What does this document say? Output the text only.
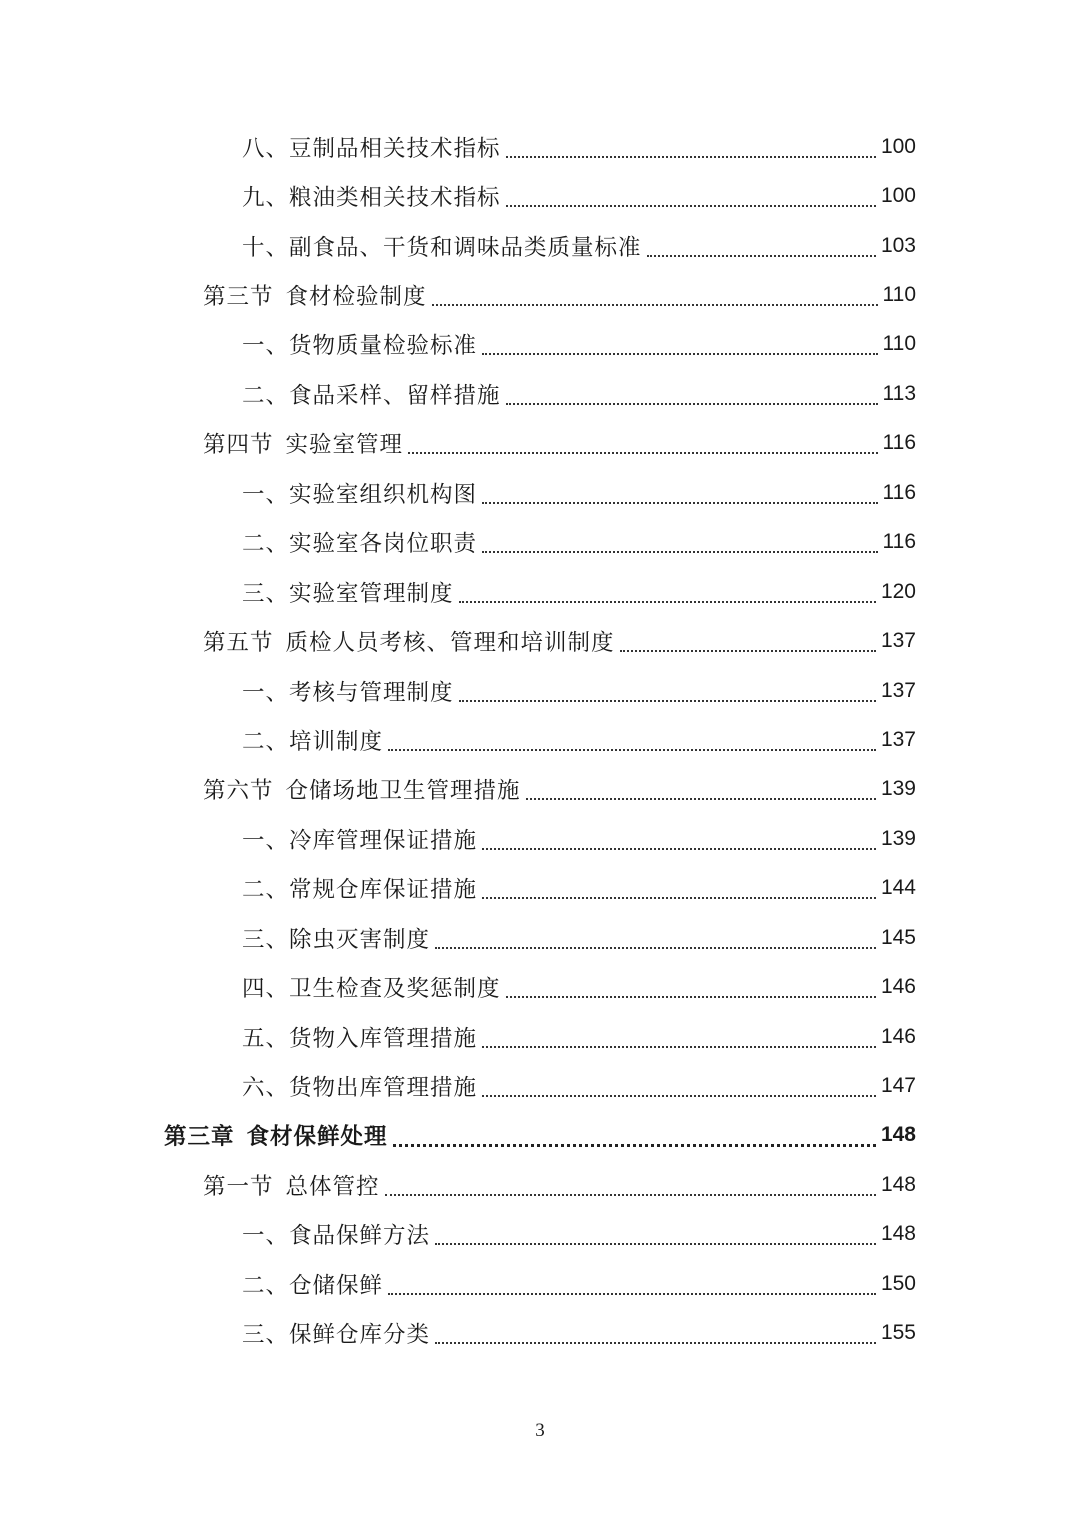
八、豆制品相关技术指标	100
九、粮油类相关技术指标	100
十、副食品、干货和调味品类质量标准	103
第三节 食材检验制度	110
一、货物质量检验标准	110
二、食品采样、留样措施	113
第四节 实验室管理	116
一、实验室组织机构图	116
二、实验室各岗位职责	116
三、实验室管理制度	120
第五节 质检人员考核、管理和培训制度	137
一、考核与管理制度	137
二、培训制度	137
第六节 仓储场地卫生管理措施	139
一、冷库管理保证措施	139
二、常规仓库保证措施	144
三、除虫灭害制度	145
四、卫生检查及奖惩制度	146
五、货物入库管理措施	146
六、货物出库管理措施	147
第三章 食材保鲜处理	148
第一节 总体管控	148
一、食品保鲜方法	148
二、仓储保鲜	150
三、保鲜仓库分类	155
3
